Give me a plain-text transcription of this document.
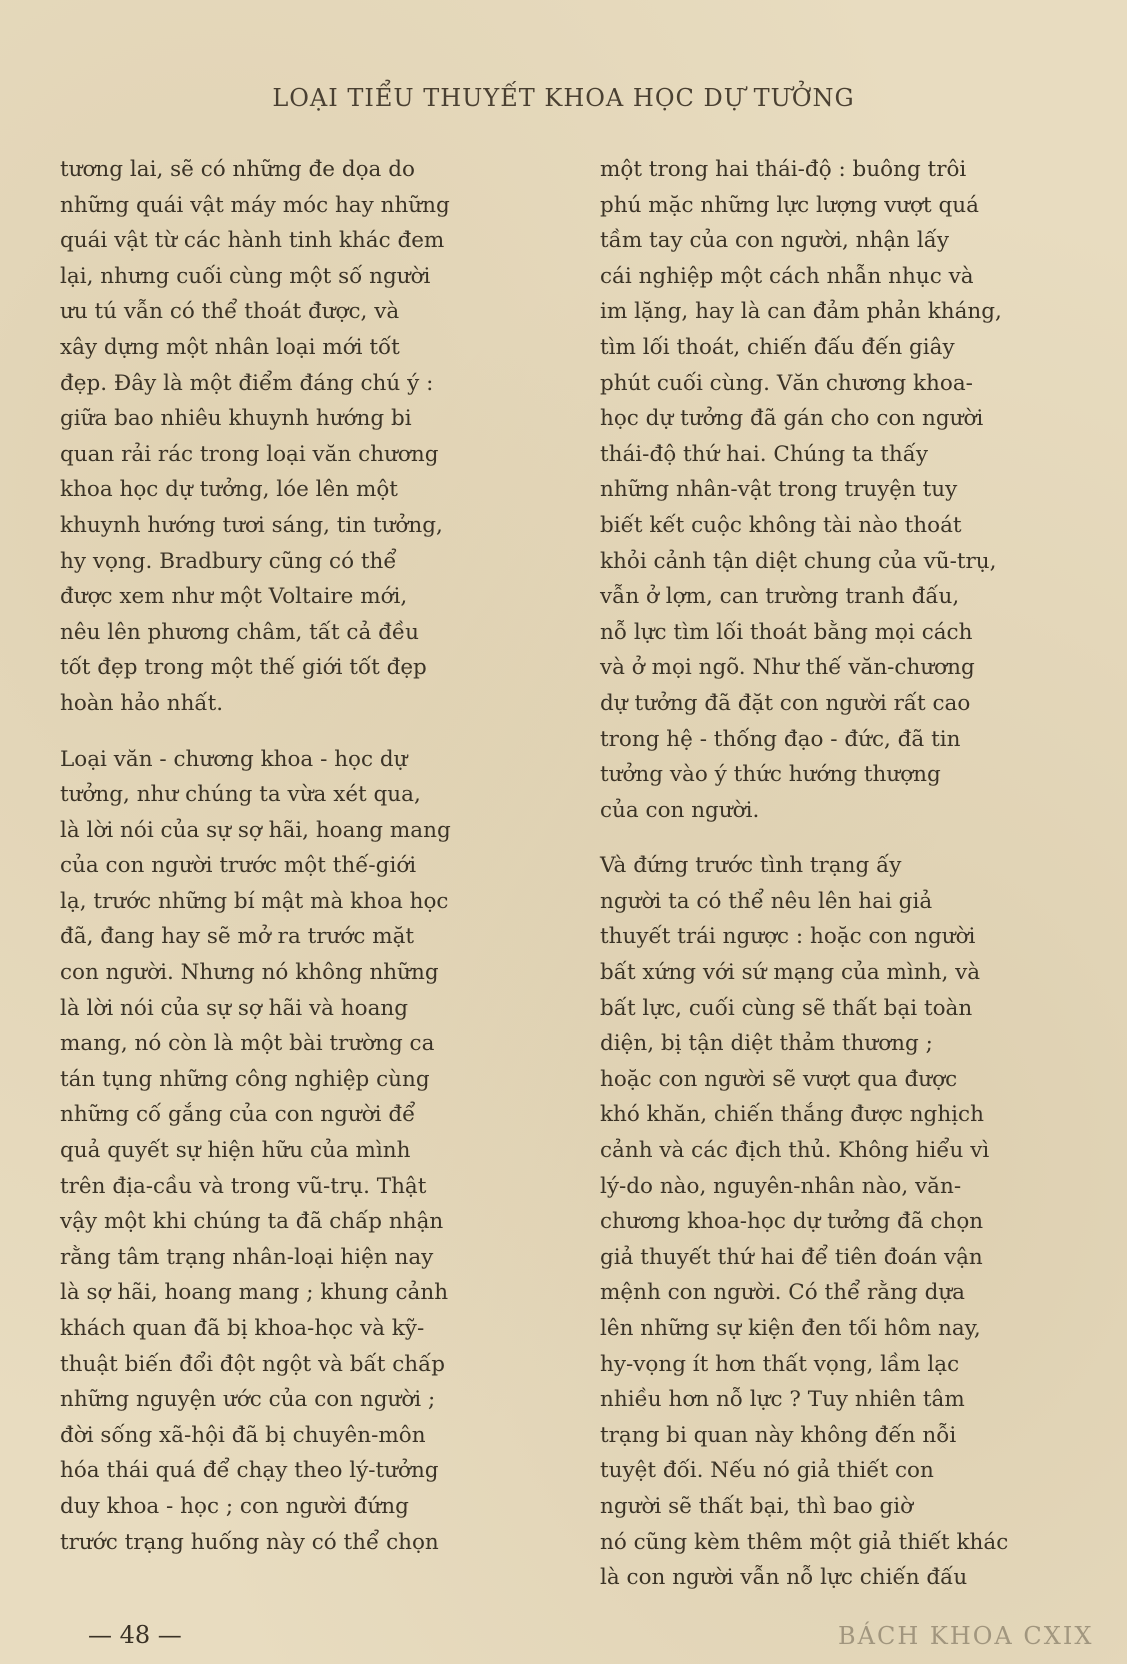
LOẠI TIỂU THUYẾT KHOA HỌC DỰ TƯỞNG

tương lai, sẽ có những đe dọa do
những quái vật máy móc hay những
quái vật từ các hành tinh khác đem
lại, nhưng cuối cùng một số người
ưu tú vẫn có thể thoát được, và
xây dựng một nhân loại mới tốt
đẹp. Đây là một điểm đáng chú ý :
giữa bao nhiêu khuynh hướng bi
quan rải rác trong loại văn chương
khoa học dự tưởng, lóe lên một
khuynh hướng tươi sáng, tin tưởng,
hy vọng. Bradbury cũng có thể
được xem như một Voltaire mới,
nêu lên phương châm, tất cả đều
tốt đẹp trong một thế giới tốt đẹp
hoàn hảo nhất.

Loại văn - chương khoa - học dự
tưởng, như chúng ta vừa xét qua,
là lời nói của sự sợ hãi, hoang mang
của con người trước một thế-giới
lạ, trước những bí mật mà khoa học
đã, đang hay sẽ mở ra trước mặt
con người. Nhưng nó không những
là lời nói của sự sợ hãi và hoang
mang, nó còn là một bài trường ca
tán tụng những công nghiệp cùng
những cố gắng của con người để
quả quyết sự hiện hữu của mình
trên địa-cầu và trong vũ-trụ. Thật
vậy một khi chúng ta đã chấp nhận
rằng tâm trạng nhân-loại hiện nay
là sợ hãi, hoang mang ; khung cảnh
khách quan đã bị khoa-học và kỹ-
thuật biến đổi đột ngột và bất chấp
những nguyện ước của con người ;
đời sống xã-hội đã bị chuyên-môn
hóa thái quá để chạy theo lý-tưởng
duy khoa - học ; con người đứng
trước trạng huống này có thể chọn

một trong hai thái-độ : buông trôi
phú mặc những lực lượng vượt quá
tầm tay của con người, nhận lấy
cái nghiệp một cách nhẫn nhục và
im lặng, hay là can đảm phản kháng,
tìm lối thoát, chiến đấu đến giây
phút cuối cùng. Văn chương khoa-
học dự tưởng đã gán cho con người
thái-độ thứ hai. Chúng ta thấy
những nhân-vật trong truyện tuy
biết kết cuộc không tài nào thoát
khỏi cảnh tận diệt chung của vũ-trụ,
vẫn ở lợm, can trường tranh đấu,
nỗ lực tìm lối thoát bằng mọi cách
và ở mọi ngõ. Như thế văn-chương
dự tưởng đã đặt con người rất cao
trong hệ - thống đạo - đức, đã tin
tưởng vào ý thức hướng thượng
của con người.

Và đứng trước tình trạng ấy
người ta có thể nêu lên hai giả
thuyết trái ngược : hoặc con người
bất xứng với sứ mạng của mình, và
bất lực, cuối cùng sẽ thất bại toàn
diện, bị tận diệt thảm thương ;
hoặc con người sẽ vượt qua được
khó khăn, chiến thắng được nghịch
cảnh và các địch thủ. Không hiểu vì
lý-do nào, nguyên-nhân nào, văn-
chương khoa-học dự tưởng đã chọn
giả thuyết thứ hai để tiên đoán vận
mệnh con người. Có thể rằng dựa
lên những sự kiện đen tối hôm nay,
hy-vọng ít hơn thất vọng, lầm lạc
nhiều hơn nỗ lực ? Tuy nhiên tâm
trạng bi quan này không đến nỗi
tuyệt đối. Nếu nó giả thiết con
người sẽ thất bại, thì bao giờ
nó cũng kèm thêm một giả thiết khác
là con người vẫn nỗ lực chiến đấu

— 48 —	BÁCH KHOA CXIX
